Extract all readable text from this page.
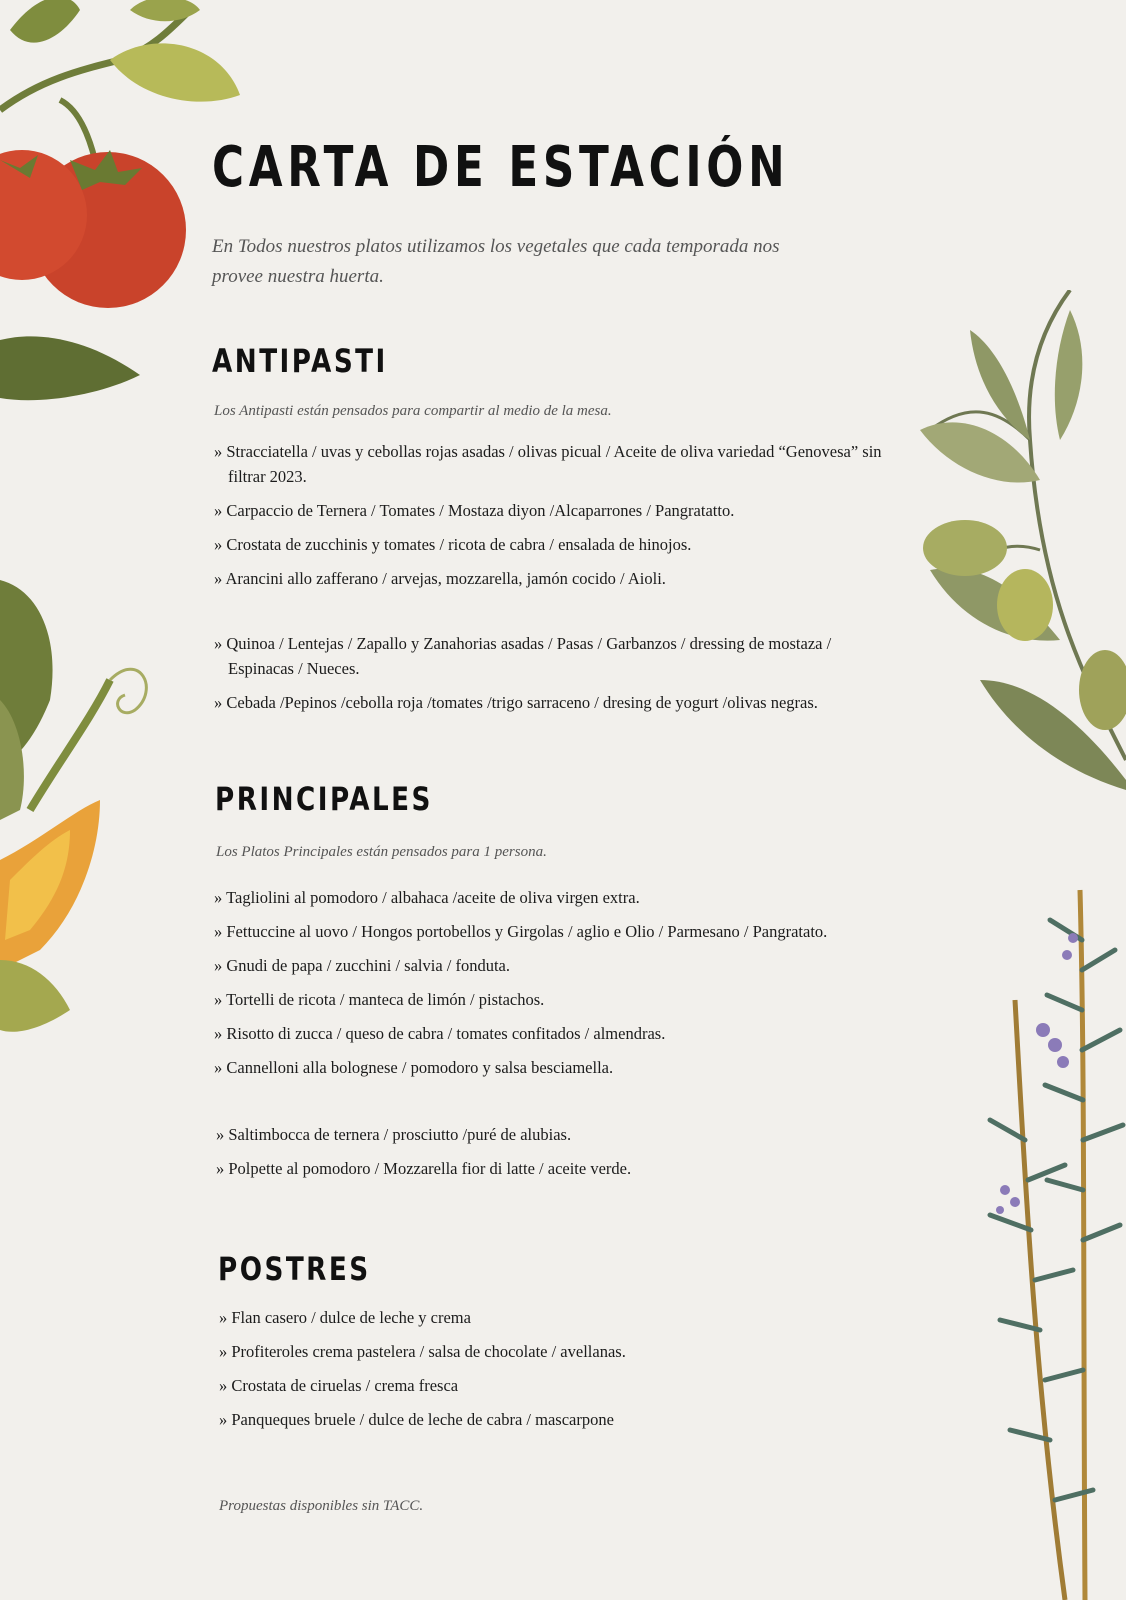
CARTA DE ESTACIÓN
En Todos nuestros platos utilizamos los vegetales que cada temporada nos provee nuestra huerta.
ANTIPASTI
Los Antipasti están pensados para compartir al medio de la mesa.
» Stracciatella / uvas y cebollas rojas asadas / olivas picual / Aceite de oliva variedad “Genovesa” sin filtrar 2023.
» Carpaccio de Ternera / Tomates / Mostaza diyon /Alcaparrones / Pangratatto.
» Crostata de zucchinis y tomates / ricota de cabra / ensalada de hinojos.
» Arancini allo zafferano / arvejas, mozzarella, jamón cocido / Aioli.
» Quinoa / Lentejas / Zapallo y Zanahorias asadas / Pasas / Garbanzos / dressing de mostaza / Espinacas / Nueces.
» Cebada /Pepinos /cebolla roja /tomates /trigo sarraceno / dresing de yogurt /olivas negras.
PRINCIPALES
Los Platos Principales están pensados para 1 persona.
» Tagliolini al pomodoro / albahaca /aceite de oliva virgen extra.
» Fettuccine al uovo / Hongos portobellos y Girgolas / aglio e Olio / Parmesano / Pangratato.
» Gnudi de papa / zucchini / salvia / fonduta.
» Tortelli de ricota / manteca de limón / pistachos.
» Risotto di zucca / queso de cabra / tomates confitados / almendras.
» Cannelloni alla bolognese / pomodoro y salsa besciamella.
» Saltimbocca de ternera / prosciutto /puré de alubias.
» Polpette al pomodoro / Mozzarella fior di latte / aceite verde.
POSTRES
» Flan casero / dulce de leche y crema
» Profiteroles crema pastelera / salsa de chocolate / avellanas.
» Crostata de ciruelas / crema fresca
» Panqueques bruele / dulce de leche de cabra / mascarpone
Propuestas disponibles sin TACC.
